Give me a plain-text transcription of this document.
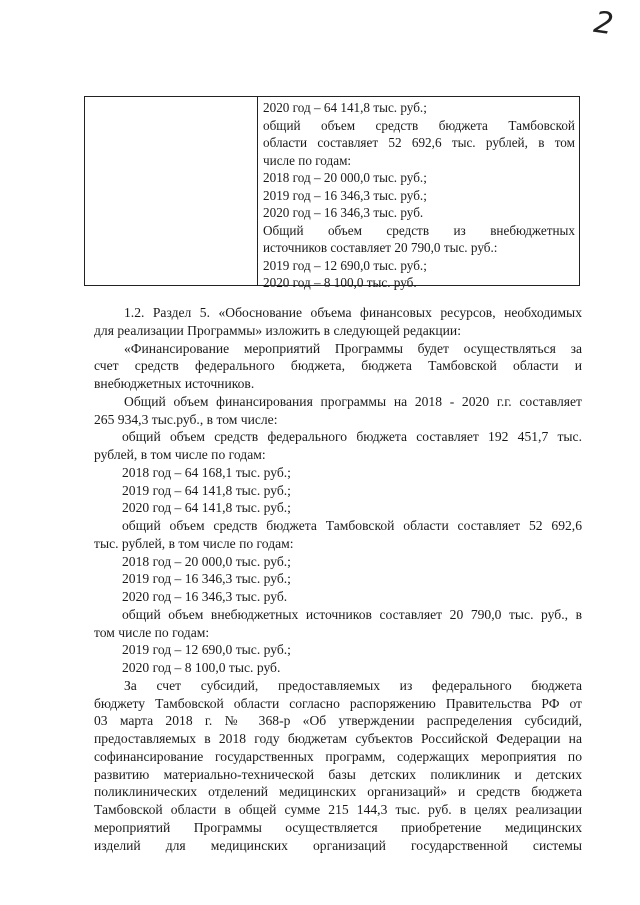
2
2020 год – 64 141,8 тыс. руб.;
общий объем средств бюджета Тамбовской
области составляет 52 692,6 тыс. рублей, в том
числе по годам:
2018 год – 20 000,0 тыс. руб.;
2019 год – 16 346,3 тыс. руб.;
2020 год – 16 346,3 тыс. руб.
Общий объем средств из внебюджетных
источников составляет 20 790,0 тыс. руб.:
2019 год – 12 690,0 тыс. руб.;
2020 год – 8 100,0 тыс. руб.
1.2. Раздел 5. «Обоснование объема финансовых ресурсов, необходимых
для реализации Программы» изложить в следующей редакции:
«Финансирование мероприятий Программы будет осуществляться за
счет средств федерального бюджета, бюджета Тамбовской области и
внебюджетных источников.
Общий объем финансирования программы на 2018 - 2020 г.г. составляет
265 934,3 тыс.руб., в том числе:
общий объем средств федерального бюджета составляет 192 451,7 тыс.
рублей, в том числе по годам:
2018 год – 64 168,1 тыс. руб.;
2019 год – 64 141,8 тыс. руб.;
2020 год – 64 141,8 тыс. руб.;
общий объем средств бюджета Тамбовской области составляет 52 692,6
тыс. рублей, в том числе по годам:
2018 год – 20 000,0 тыс. руб.;
2019 год – 16 346,3 тыс. руб.;
2020 год – 16 346,3 тыс. руб.
общий объем внебюджетных источников составляет 20 790,0 тыс. руб., в
том числе по годам:
2019 год – 12 690,0 тыс. руб.;
2020 год – 8 100,0 тыс. руб.
За счет субсидий, предоставляемых из федерального бюджета
бюджету Тамбовской области согласно распоряжению Правительства РФ от
03 марта 2018 г. № 368-р «Об утверждении распределения субсидий,
предоставляемых в 2018 году бюджетам субъектов Российской Федерации на
софинансирование государственных программ, содержащих мероприятия по
развитию материально-технической базы детских поликлиник и детских
поликлинических отделений медицинских организаций» и средств бюджета
Тамбовской области в общей сумме 215 144,3 тыс. руб. в целях реализации
мероприятий Программы осуществляется приобретение медицинских
изделий для медицинских организаций государственной системы
